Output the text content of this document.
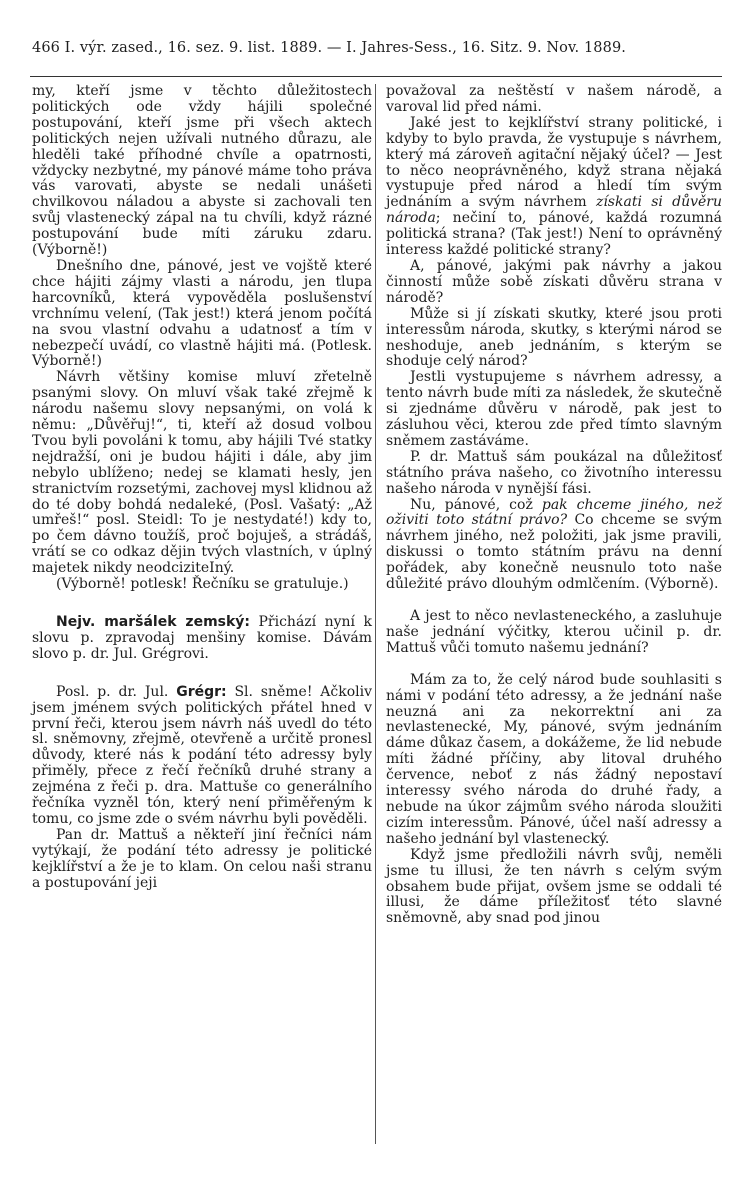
466 I. výr. zased., 16. sez. 9. list. 1889. — I. Jahres-Sess., 16. Sitz. 9. Nov. 1889.

my, kteří jsme v těchto důležitostech politických ode vždy hájili společné postupování, kteří jsme při všech aktech politických nejen užívali nutného důrazu, ale hleděli také příhodné chvíle a opatrnosti, vždycky nezbytné, my pánové máme toho práva vás varovati, abyste se nedali unášeti chvilkovou náladou a abyste si zachovali ten svůj vlastenecký zápal na tu chvíli, když rázné postupování bude míti záruku zdaru. (Výborně!)

Dnešního dne, pánové, jest ve vojště které chce hájiti zájmy vlasti a národu, jen tlupa harcovníků, která vypověděla poslušenství vrchnímu velení, (Tak jest!) která jenom počítá na svou vlastní odvahu a udatnosť a tím v nebezpečí uvádí, co vlastně hájiti má. (Potlesk. Výborně!)

Návrh většiny komise mluví zřetelně psanými slovy. On mluví však také zřejmě k národu našemu slovy nepsanými, on volá k němu: „Důvěřuj!“, ti, kteří až dosud volbou Tvou byli povoláni k tomu, aby hájili Tvé statky nejdražší, oni je budou hájiti i dále, aby jim nebylo ublíženo; nedej se klamati hesly, jen stranictvím rozsetými, zachovej mysl klidnou až do té doby bohdá nedaleké, (Posl. Vašatý: „Až umřeš!“ posl. Steidl: To je nestydaté!) kdy to, po čem dávno toužíš, proč bojuješ, a strádáš, vrátí se co odkaz dějin tvých vlastních, v úplný majetek nikdy neodciziteIný.

(Výborně! potlesk! Řečníku se gratuluje.)

Nejv. maršálek zemský: Přichází nyní k slovu p. zpravodaj menšiny komise. Dávám slovo p. dr. Jul. Grégrovi.

Posl. p. dr. Jul. Grégr: Sl. sněme! Ačkoliv jsem jménem svých politických přátel hned v první řeči, kterou jsem návrh náš uvedl do této sl. sněmovny, zřejmě, otevřeně a určitě pronesl důvody, které nás k podání této adressy byly přiměly, přece z řečí řečníků druhé strany a zejména z řeči p. dra. Mattuše co generálního řečníka vyzněl tón, který není přiměřeným k tomu, co jsme zde o svém návrhu byli pověděli.

Pan dr. Mattuš a někteří jiní řečníci nám vytýkají, že podání této adressy je politické kejklířství a že je to klam. On celou naši stranu a postupování jeji

považoval za neštěstí v našem národě, a varoval lid před námi.

Jaké jest to kejklířství strany politické, i kdyby to bylo pravda, že vystupuje s návrhem, který má zároveň agitační nějaký účel? — Jest to něco neoprávněného, když strana nějaká vystupuje před národ a hledí tím svým jednáním a svým návrhem získati si důvěru národa; nečiní to, pánové, každá rozumná politická strana? (Tak jest!) Není to oprávněný interess každé politické strany?

A, pánové, jakými pak návrhy a jakou činností může sobě získati důvěru strana v národě?

Může si jí získati skutky, které jsou proti interessům národa, skutky, s kterými národ se neshoduje, aneb jednáním, s kterým se shoduje celý národ?

Jestli vystupujeme s návrhem adressy, a tento návrh bude míti za následek, že skutečně si zjednáme důvěru v národě, pak jest to zásluhou věci, kterou zde před tímto slavným sněmem zastáváme.

P. dr. Mattuš sám poukázal na důležitosť státního práva našeho, co životního interessu našeho národa v nynější fási.

Nu, pánové, což pak chceme jiného, než oživiti toto státní právo? Co chceme se svým návrhem jiného, než položiti, jak jsme pravili, diskussi o tomto státním právu na denní pořádek, aby konečně neusnulo toto naše důležité právo dlouhým odmlčením. (Výborně).

A jest to něco nevlasteneckého, a zasluhuje naše jednání výčitky, kterou učinil p. dr. Mattuš vůči tomuto našemu jednání?

Mám za to, že celý národ bude souhlasiti s námi v podání této adressy, a že jednání naše neuzná ani za nekorrektní ani za nevlastenecké, My, pánové, svým jednáním dáme důkaz časem, a dokážeme, že lid nebude míti žádné příčiny, aby litoval druhého července, neboť z nás žádný nepostaví interessy svého národa do druhé řady, a nebude na úkor zájmům svého národa sloužiti cizím interessům. Pánové, účel naší adressy a našeho jednání byl vlastenecký.

Když jsme předložili návrh svůj, neměli jsme tu illusi, že ten návrh s celým svým obsahem bude přijat, ovšem jsme se oddali té illusi, že dáme příležitosť této slavné sněmovně, aby snad pod jinou
